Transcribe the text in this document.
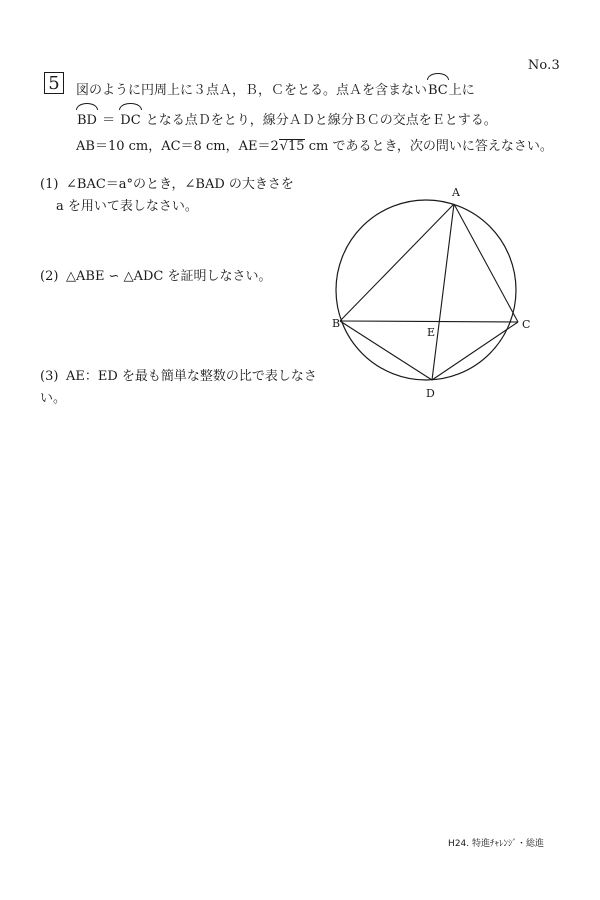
No.3
5	図のように円周上に３点Ａ，Ｂ，Ｃをとる。点Ａを含まないBC上に
BD ＝ DC となる点Ｄをとり，線分ＡＤと線分ＢＣの交点をＥとする。
AB＝10 cm，AC＝8 cm，AE＝2√15 cm であるとき，次の問いに答えなさい。
(1) ∠BAC＝a°のとき，∠BAD の大きさを
a を用いて表しなさい。
(2) △ABE ∽ △ADC を証明しなさい。
(3) AE：ED を最も簡単な整数の比で表しなさい。
A
B	C
D
E
H24. 特進ﾁｬﾚﾝｼﾞ・総進
